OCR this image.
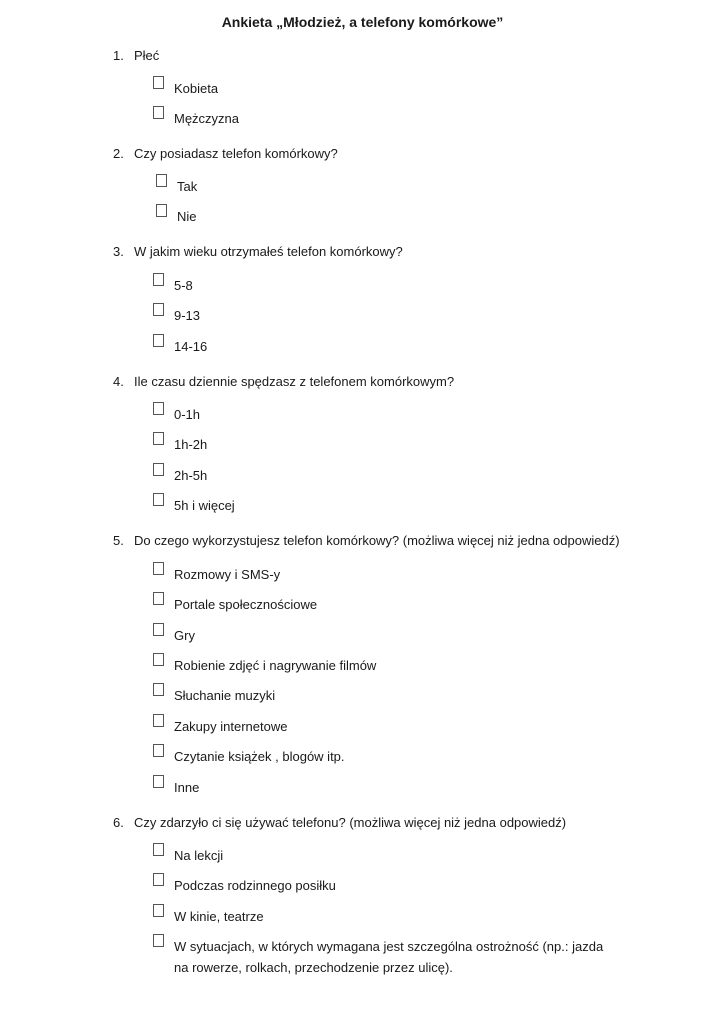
Ankieta „Młodzież, a telefony komórkowe”
1. Płeć
Kobieta
Mężczyzna
2. Czy posiadasz telefon komórkowy?
Tak
Nie
3. W jakim wieku otrzymałeś telefon komórkowy?
5-8
9-13
14-16
4. Ile czasu dziennie spędzasz z telefonem komórkowym?
0-1h
1h-2h
2h-5h
5h i więcej
5. Do czego wykorzystujesz telefon komórkowy? (możliwa więcej niż jedna odpowiedź)
Rozmowy i SMS-y
Portale społecznościowe
Gry
Robienie zdjęć i nagrywanie filmów
Słuchanie muzyki
Zakupy internetowe
Czytanie książek , blogów itp.
Inne
6. Czy zdarzyło ci się używać telefonu? (możliwa więcej niż jedna odpowiedź)
Na lekcji
Podczas rodzinnego posiłku
W kinie, teatrze
W sytuacjach, w których wymagana jest szczególna ostrożność (np.: jazda na rowerze, rolkach, przechodzenie przez ulicę).
